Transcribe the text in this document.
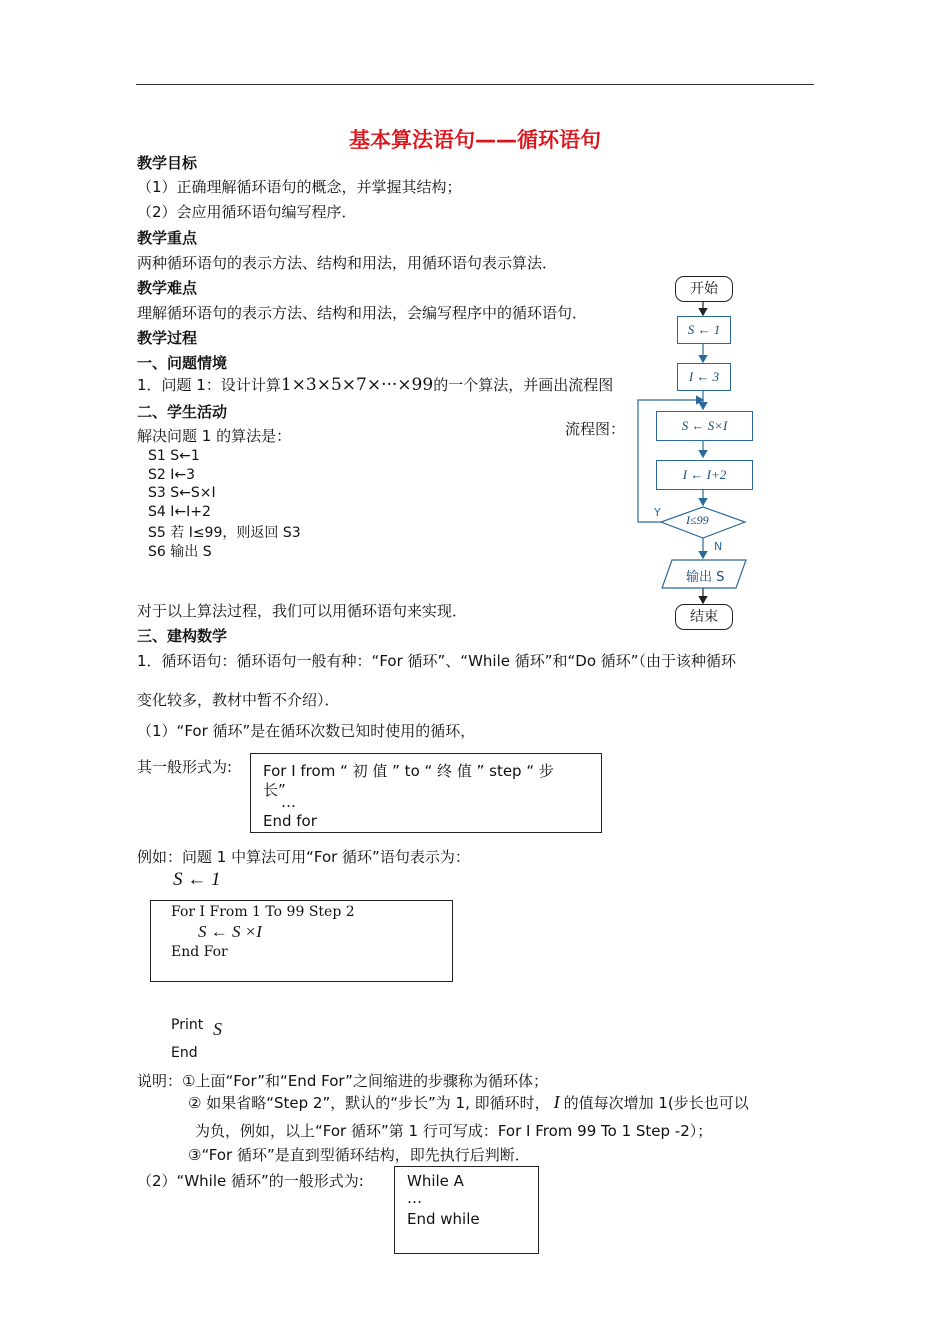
基本算法语句——循环语句
教学目标
（1）正确理解循环语句的概念，并掌握其结构；
（2）会应用循环语句编写程序．
教学重点
两种循环语句的表示方法、结构和用法，用循环语句表示算法．
教学难点
理解循环语句的表示方法、结构和用法，会编写程序中的循环语句．
教学过程
一、问题情境
1．问题 1：设计计算1×3×5×7×···×99的一个算法，并画出流程图
二、学生活动
解决问题 1 的算法是：
S1 S←1
S2 I←3
S3 S←S×I
S4 I←I+2
S5 若 I≤99，则返回 S3
S6 输出 S
对于以上算法过程，我们可以用循环语句来实现．
三、建构数学
1．循环语句：循环语句一般有种：“For 循环”、“While 循环”和“Do 循环”（由于该种循环
变化较多，教材中暂不介绍）．
（1）“For 循环”是在循环次数已知时使用的循环，
其一般形式为: For I from “ 初 值 ” to “ 终 值 ” step “ 步
长”
…
End for
例如：问题 1 中算法可用“For 循环”语句表示为：
S ← 1
For I From 1 To 99 Step 2
S ← S ×I
End For
Print S
End
说明：①上面“For”和“End For”之间缩进的步骤称为循环体；
② 如果省略“Step 2”，默认的“步长”为 1, 即循环时， I 的值每次增加 1(步长也可以
为负，例如，以上“For 循环”第 1 行可写成：For I From 99 To 1 Step -2）；
③“For 循环”是直到型循环结构，即先执行后判断．
（2）“While 循环”的一般形式为:	While A
…
End while
流程图：
开始
S ← 1
I ← 3
S ← S×I
I ← I+2
I≤99
Y
N
输出 S
结束
